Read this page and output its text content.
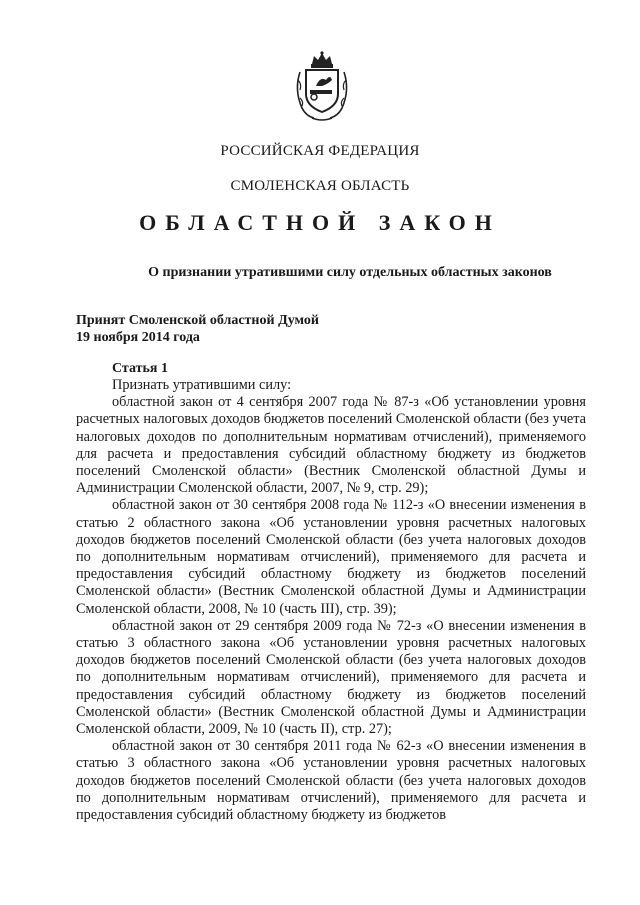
РОССИЙСКАЯ ФЕДЕРАЦИЯ
СМОЛЕНСКАЯ ОБЛАСТЬ
ОБЛАСТНОЙ ЗАКОН
О признании утратившими силу отдельных областных законов
Принят Смоленской областной Думой
19 ноября 2014 года
Статья 1

Признать утратившими силу:

областной закон от 4 сентября 2007 года № 87-з «Об установлении уровня расчетных налоговых доходов бюджетов поселений Смоленской области (без учета налоговых доходов по дополнительным нормативам отчислений), применяемого для расчета и предоставления субсидий областному бюджету из бюджетов поселений Смоленской области» (Вестник Смоленской областной Думы и Администрации Смоленской области, 2007, № 9, стр. 29);

областной закон от 30 сентября 2008 года № 112-з «О внесении изменения в статью 2 областного закона «Об установлении уровня расчетных налоговых доходов бюджетов поселений Смоленской области (без учета налоговых доходов по дополнительным нормативам отчислений), применяемого для расчета и предоставления субсидий областному бюджету из бюджетов поселений Смоленской области» (Вестник Смоленской областной Думы и Администрации Смоленской области, 2008, № 10 (часть III), стр. 39);

областной закон от 29 сентября 2009 года № 72-з «О внесении изменения в статью 3 областного закона «Об установлении уровня расчетных налоговых доходов бюджетов поселений Смоленской области (без учета налоговых доходов по дополнительным нормативам отчислений), применяемого для расчета и предоставления субсидий областному бюджету из бюджетов поселений Смоленской области» (Вестник Смоленской областной Думы и Администрации Смоленской области, 2009, № 10 (часть II), стр. 27);

областной закон от 30 сентября 2011 года № 62-з «О внесении изменения в статью 3 областного закона «Об установлении уровня расчетных налоговых доходов бюджетов поселений Смоленской области (без учета налоговых доходов по дополнительным нормативам отчислений), применяемого для расчета и предоставления субсидий областному бюджету из бюджетов
